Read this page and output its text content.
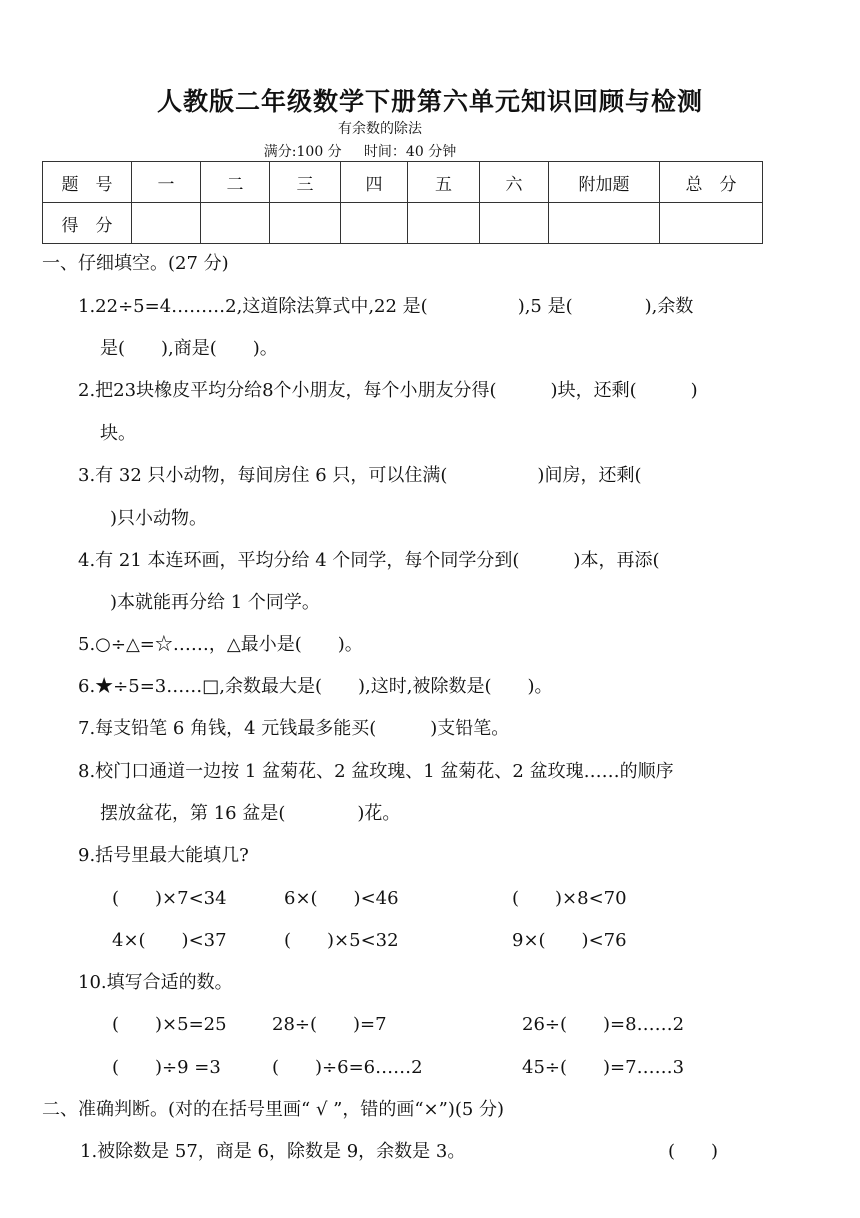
人教版二年级数学下册第六单元知识回顾与检测
有余数的除法
满分:100 分     时间：40 分钟
题　号	一	二	三	四	五	六	附加题	总　分
得　分								
一、仔细填空。(27 分)
1.22÷5=4………2,这道除法算式中,22 是(　　　　　),5 是(　　　　),余数
是(　　),商是(　　)。
2.把23块橡皮平均分给8个小朋友，每个小朋友分得(　　　)块，还剩(　　　)
块。
3.有 32 只小动物，每间房住 6 只，可以住满(　　　　　)间房，还剩(
)只小动物。
4.有 21 本连环画，平均分给 4 个同学，每个同学分到(　　　)本，再添(
)本就能再分给 1 个同学。
5.○÷△=☆……，△最小是(　　)。
6.★÷5=3……□,余数最大是(　　),这时,被除数是(　　)。
7.每支铅笔 6 角钱，4 元钱最多能买(　　　)支铅笔。
8.校门口通道一边按 1 盆菊花、2 盆玫瑰、1 盆菊花、2 盆玫瑰……的顺序
摆放盆花，第 16 盆是(　　　　)花。
9.括号里最大能填几?
(　　)×7<34	6×(　　)<46	(　　)×8<70
4×(　　)<37	(　　)×5<32	9×(　　)<76
10.填写合适的数。
(　　)×5=25	28÷(　　)=7	26÷(　　)=8……2
(　　)÷9 =3	(　　)÷6=6……2	45÷(　　)=7……3
二、准确判断。(对的在括号里画“ √ ”，错的画“×”)(5 分)
1.被除数是 57，商是 6，除数是 9，余数是 3。	(　　)
